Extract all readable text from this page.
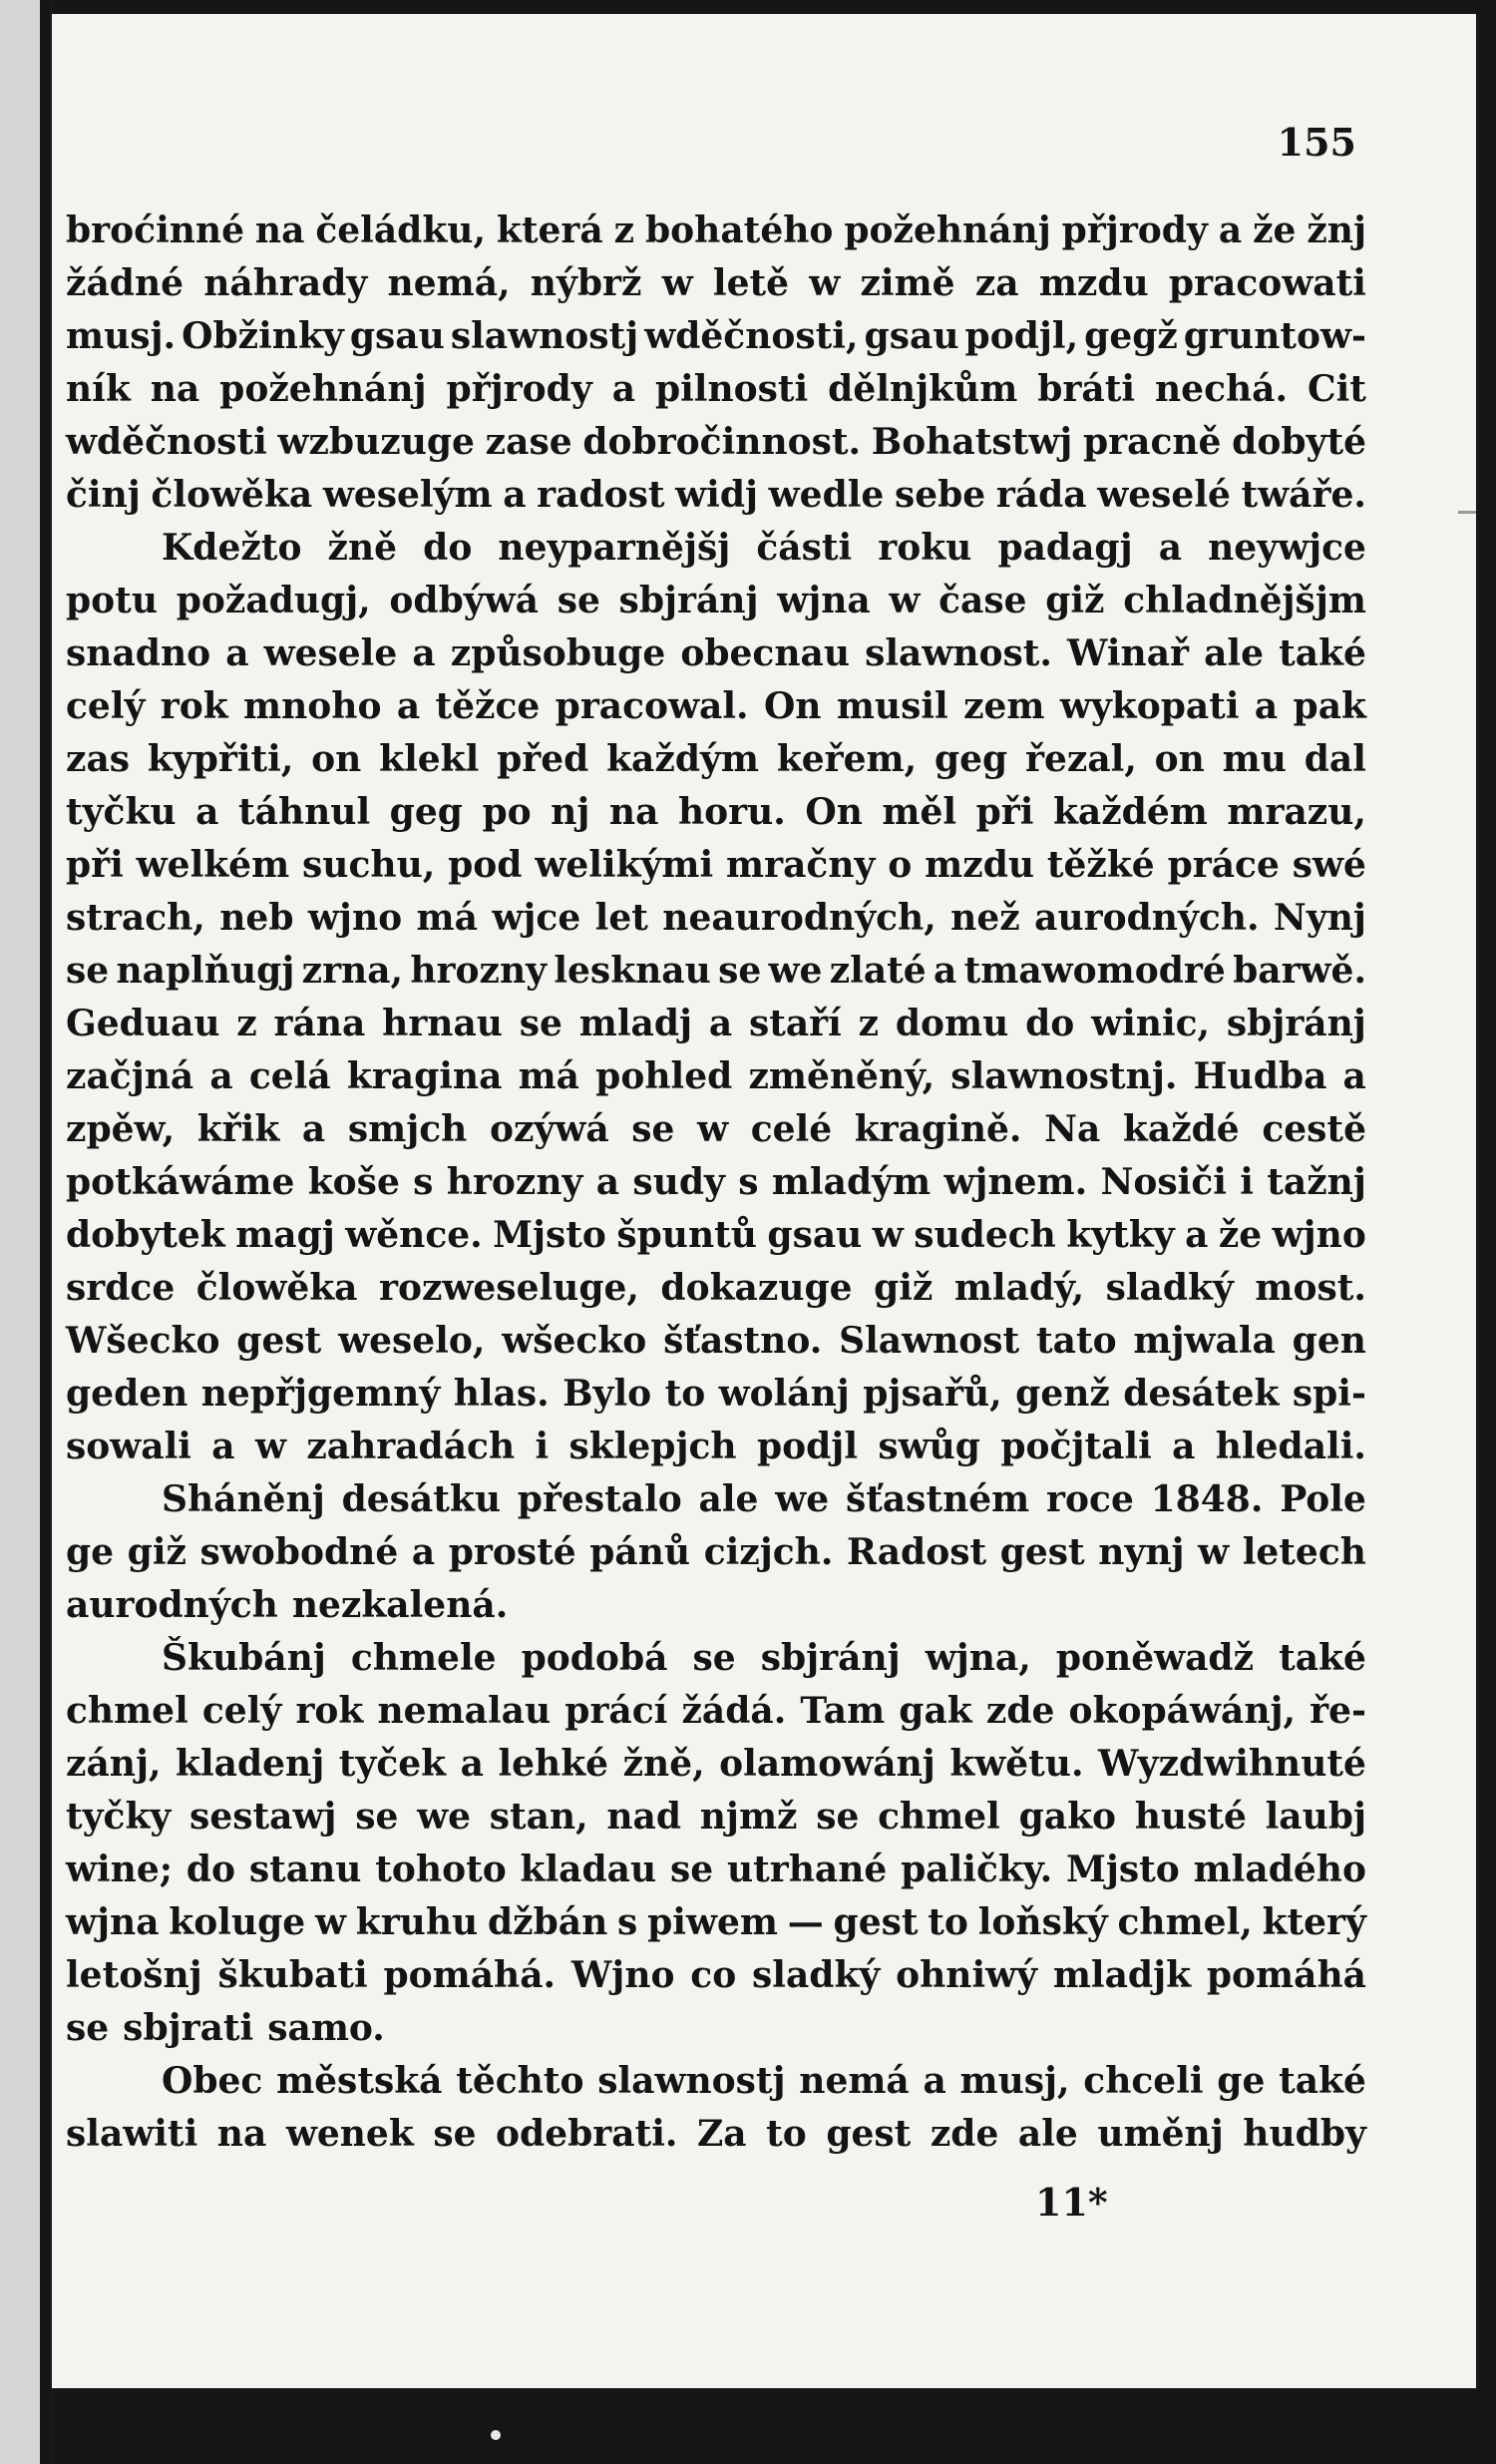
155
broćinné na čeládku, která z bohatého požehnánj přjrody a že žnj
žádné náhrady nemá, nýbrž w letě w zimě za mzdu pracowati
musj. Obžinky gsau slawnostj wděčnosti, gsau podjl, gegž gruntow-
ník na požehnánj přjrody a pilnosti dělnjkům bráti nechá. Cit
wděčnosti wzbuzuge zase dobročinnost. Bohatstwj pracně dobyté
činj člowěka weselým a radost widj wedle sebe ráda weselé twáře.
Kdežto žně do neyparnějšj části roku padagj a neywjce
potu požadugj, odbýwá se sbjránj wjna w čase giž chladnějšjm
snadno a wesele a způsobuge obecnau slawnost. Winař ale také
celý rok mnoho a těžce pracowal. On musil zem wykopati a pak
zas kypřiti, on klekl před každým keřem, geg řezal, on mu dal
tyčku a táhnul geg po nj na horu. On měl při každém mrazu,
při welkém suchu, pod welikými mračny o mzdu těžké práce swé
strach, neb wjno má wjce let neaurodných, než aurodných. Nynj
se naplňugj zrna, hrozny lesknau se we zlaté a tmawomodré barwě.
Geduau z rána hrnau se mladj a staří z domu do winic, sbjránj
začjná a celá kragina má pohled změněný, slawnostnj. Hudba a
zpěw, křik a smjch ozýwá se w celé kragině. Na každé cestě
potkáwáme koše s hrozny a sudy s mladým wjnem. Nosiči i tažnj
dobytek magj wěnce. Mjsto špuntů gsau w sudech kytky a že wjno
srdce člowěka rozweseluge, dokazuge giž mladý, sladký most.
Wšecko gest weselo, wšecko šťastno. Slawnost tato mjwala gen
geden nepřjgemný hlas. Bylo to wolánj pjsařů, genž desátek spi-
sowali a w zahradách i sklepjch podjl swůg počjtali a hledali.
Sháněnj desátku přestalo ale we šťastném roce 1848. Pole
ge giž swobodné a prosté pánů cizjch. Radost gest nynj w letech
aurodných nezkalená.
Škubánj chmele podobá se sbjránj wjna, poněwadž také
chmel celý rok nemalau prácí žádá. Tam gak zde okopáwánj, ře-
zánj, kladenj tyček a lehké žně, olamowánj kwětu. Wyzdwihnuté
tyčky sestawj se we stan, nad njmž se chmel gako husté laubj
wine; do stanu tohoto kladau se utrhané paličky. Mjsto mladého
wjna koluge w kruhu džbán s piwem — gest to loňský chmel, který
letošnj škubati pomáhá. Wjno co sladký ohniwý mladjk pomáhá
se sbjrati samo.
Obec městská těchto slawnostj nemá a musj, chceli ge také
slawiti na wenek se odebrati. Za to gest zde ale uměnj hudby
11*
